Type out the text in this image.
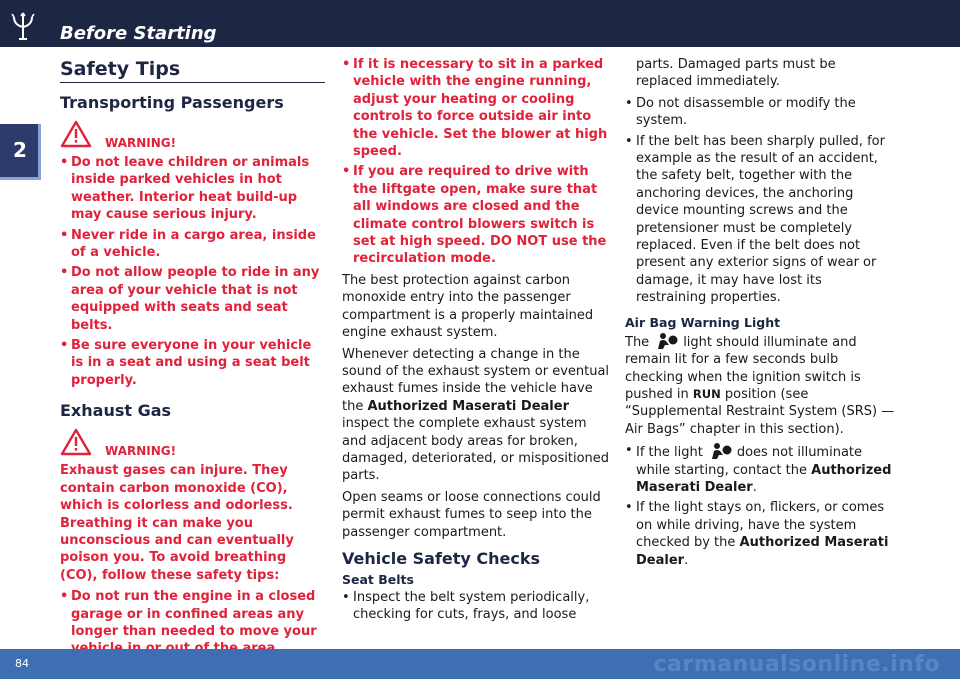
Before Starting
2
Safety Tips
Transporting Passengers
WARNING!
• Do not leave children or animals inside parked vehicles in hot weather. Interior heat build-up may cause serious injury.
• Never ride in a cargo area, inside of a vehicle.
• Do not allow people to ride in any area of your vehicle that is not equipped with seats and seat belts.
• Be sure everyone in your vehicle is in a seat and using a seat belt properly.
Exhaust Gas
WARNING!

Exhaust gases can injure. They contain carbon monoxide (CO), which is colorless and odorless. Breathing it can make you unconscious and can eventually poison you. To avoid breathing (CO), follow these safety tips:

• Do not run the engine in a closed garage or in confined areas any longer than needed to move your
• If it is necessary to sit in a parked vehicle with the engine running, adjust your heating or cooling controls to force outside air into the vehicle. Set the blower at high speed.
• If you are required to drive with the liftgate open, make sure that all windows are closed and the climate control blowers switch is set at high speed. DO NOT use the recirculation mode.

The best protection against carbon monoxide entry into the passenger compartment is a properly maintained engine exhaust system.

Whenever detecting a change in the sound of the exhaust system or eventual exhaust fumes inside the vehicle have the Authorized Maserati Dealer inspect the complete exhaust system and adjacent body areas for broken, damaged, deteriorated, or mispositioned parts.

Open seams or loose connections could permit exhaust fumes to seep into the passenger compartment.

Vehicle Safety Checks
Seat Belts
• Inspect the belt system periodically, checking for cuts, frays, and loose

parts. Damaged parts must be replaced immediately.

• Do not disassemble or modify the system.
• If the belt has been sharply pulled, for example as the result of an accident, the safety belt, together with the anchoring devices, the anchoring device mounting screws and the pretensioner must be completely replaced. Even if the belt does not present any exterior signs of wear or damage, it may have lost its restraining properties.
Air Bag Warning Light

The	light should illuminate and remain lit for a few seconds bulb checking when the ignition switch is pushed in RUN position (see “Supplemental Restraint System (SRS) — Air Bags” chapter in this section).

• If the light	does not illuminate while starting, contact the Authorized Maserati Dealer.
• If the light stays on, flickers, or comes on while driving, have the system checked by the Authorized Maserati Dealer.
84	carmanualsonline.info
